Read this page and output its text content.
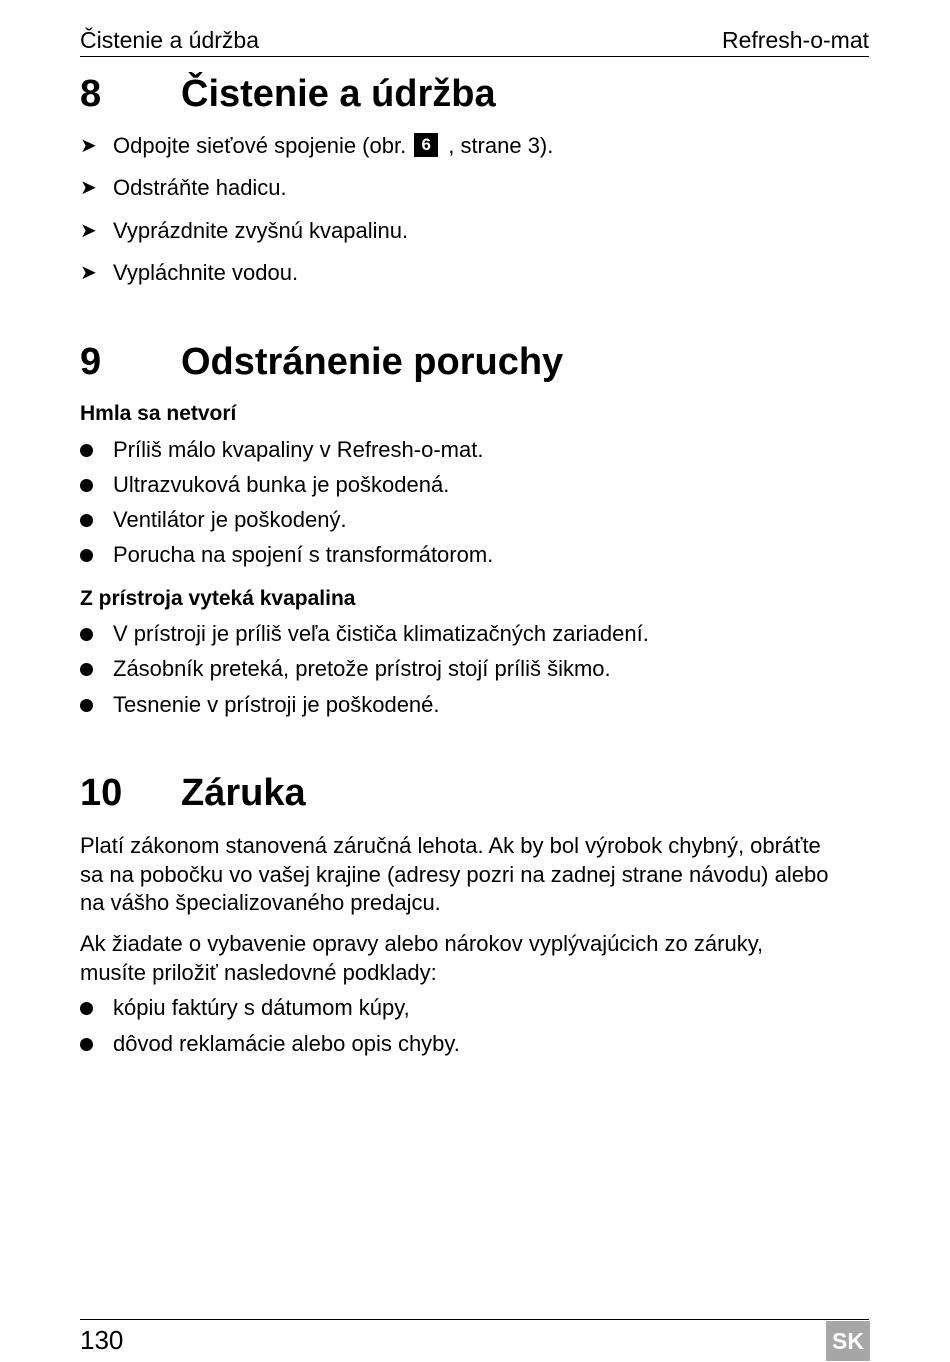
Čistenie a údržba	Refresh-o-mat
8 Čistenie a údržba
➤ Odpojte sieťové spojenie (obr. 6 , strane 3).
➤ Odstráňte hadicu.
➤ Vyprázdnite zvyšnú kvapalinu.
➤ Vypláchnite vodou.
9 Odstránenie poruchy
Hmla sa netvorí
Príliš málo kvapaliny v Refresh-o-mat.
Ultrazvuková bunka je poškodená.
Ventilátor je poškodený.
Porucha na spojení s transformátorom.
Z prístroja vyteká kvapalina
V prístroji je príliš veľa čističa klimatizačných zariadení.
Zásobník preteká, pretože prístroj stojí príliš šikmo.
Tesnenie v prístroji je poškodené.
10 Záruka
Platí zákonom stanovená záručná lehota. Ak by bol výrobok chybný, obráťte
sa na pobočku vo vašej krajine (adresy pozri na zadnej strane návodu) alebo
na vášho špecializovaného predajcu.
Ak žiadate o vybavenie opravy alebo nárokov vyplývajúcich zo záruky,
musíte priložiť nasledovné podklady:
kópiu faktúry s dátumom kúpy,
dôvod reklamácie alebo opis chyby.
130	SK
